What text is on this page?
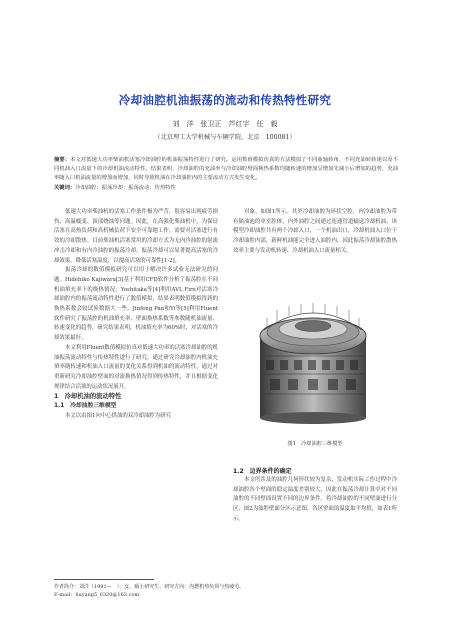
冷却油腔机油振荡的流动和传热特性研究
刘　洋　张卫正　芦红宇　任　毅
（北京理工大学机械与车辆学院，北京　100081）
摘要：本文对低速大功率柴油机活塞冷却油腔的机油振荡特性进行了研究。运用数值模拟仿真的方法模拟了不同曲轴转角、不同充油转转速以及不同机油入口流量下的冷却机油流动特性。结果表明，冷却油腔的充油率与冷却油腔壁面换热系数均随转速的增加呈增加先减小后增加的趋势，充油率随入口机油流量的增加而增加，同时导致机油在冷却油腔内的主要流动方式发生变化。
关键词：冷却油腔；振荡冷却；振荡流动；传热特性

低速大功率柴油机的活塞工作条件极为严苛，很容易出现疲劳损伤、高温蠕变、顶部烧蚀等问题。因此，在高强化柴油机中，为保证活塞在高热负荷和高机械负荷下安全可靠地工作，需要对活塞进行有效的冷却散热。目前柴油机活塞常用的冷却方式为无内冷油腔的射流冲击冷却和有内冷油腔的振荡冷却。振荡冷却可以显著提高活塞的冷却效果，降低活塞温度，以提高活塞的可靠性[1-2]。

振荡冷却的数值模拟研究可以用于解决许多试验无法研究的问题。Hidehiko Kajiwara[3]基于利用CFD软件分析了振荡腔在不同机油填充率下的换热情况。Yoshitaka等[4]利用AVL Fire对活塞冷却油腔内的振荡流动特性进行了数值模拟，结果表明数值模拟得到的换热系数会较试验数据大一些。Jinfeng Pan和Yi等[5]利用Fluent软件研究了振荡腔的机油填充率、壁面换热系数等参数随机油流量、转速变化的趋势，研究结果表明，机油填充率为60%时，对活塞的冷却效果最好。

本文利用Fluent数值模拟仿真对低速大功率的活塞冷却油腔的机油振荡流动特性与传热特性进行了研究，通过研究冷却油腔内机油充填率随转速和机油入口流量的变化关系得到机油的流动特性，通过对重新研究冷却油腔壁面的对流换热情况得到传热特性，并且根据变化规律结合活塞的运动状况展开。

1　冷却机油的流动特性

1.1　冷却油腔三维模型

本文以由图1向中心供油的双冷却油腔为研究

对象，如图1所示。其外冷却油腔为环状空腔，内冷却油腔为带有储油池的单室腔体，内外油腔之间通过连通管道输送冷却机油。该模型冷却油腔共有两个冷却入口，一个机油出口，冷却机油入口位于冷却油腔内部，新鲜机油能完全进入油腔内，因此振荡冷却油腔散热效率主要与发动机转速、冷却机油入口流量相关。

图1　冷却油腔三维模型
1.2　边界条件的确定

本文所涉及的油腔几何形状较为复杂，发动机实际工作过程中冷却油腔各个壁面的稳定温度差别较大，因此在振荡冷却计算中对不同油腔的不同壁面设置不同的边界条件。将冷却油腔的不同壁面进行分区，图2为油腔壁面分区示意图，各区壁面的温度取平均值，如表1所示。

作者简介：刘洋（1991—　），女，硕士研究生，研究方向：内燃机热负荷与热疲劳。
E-mail：liuyang5_0320@163.com
